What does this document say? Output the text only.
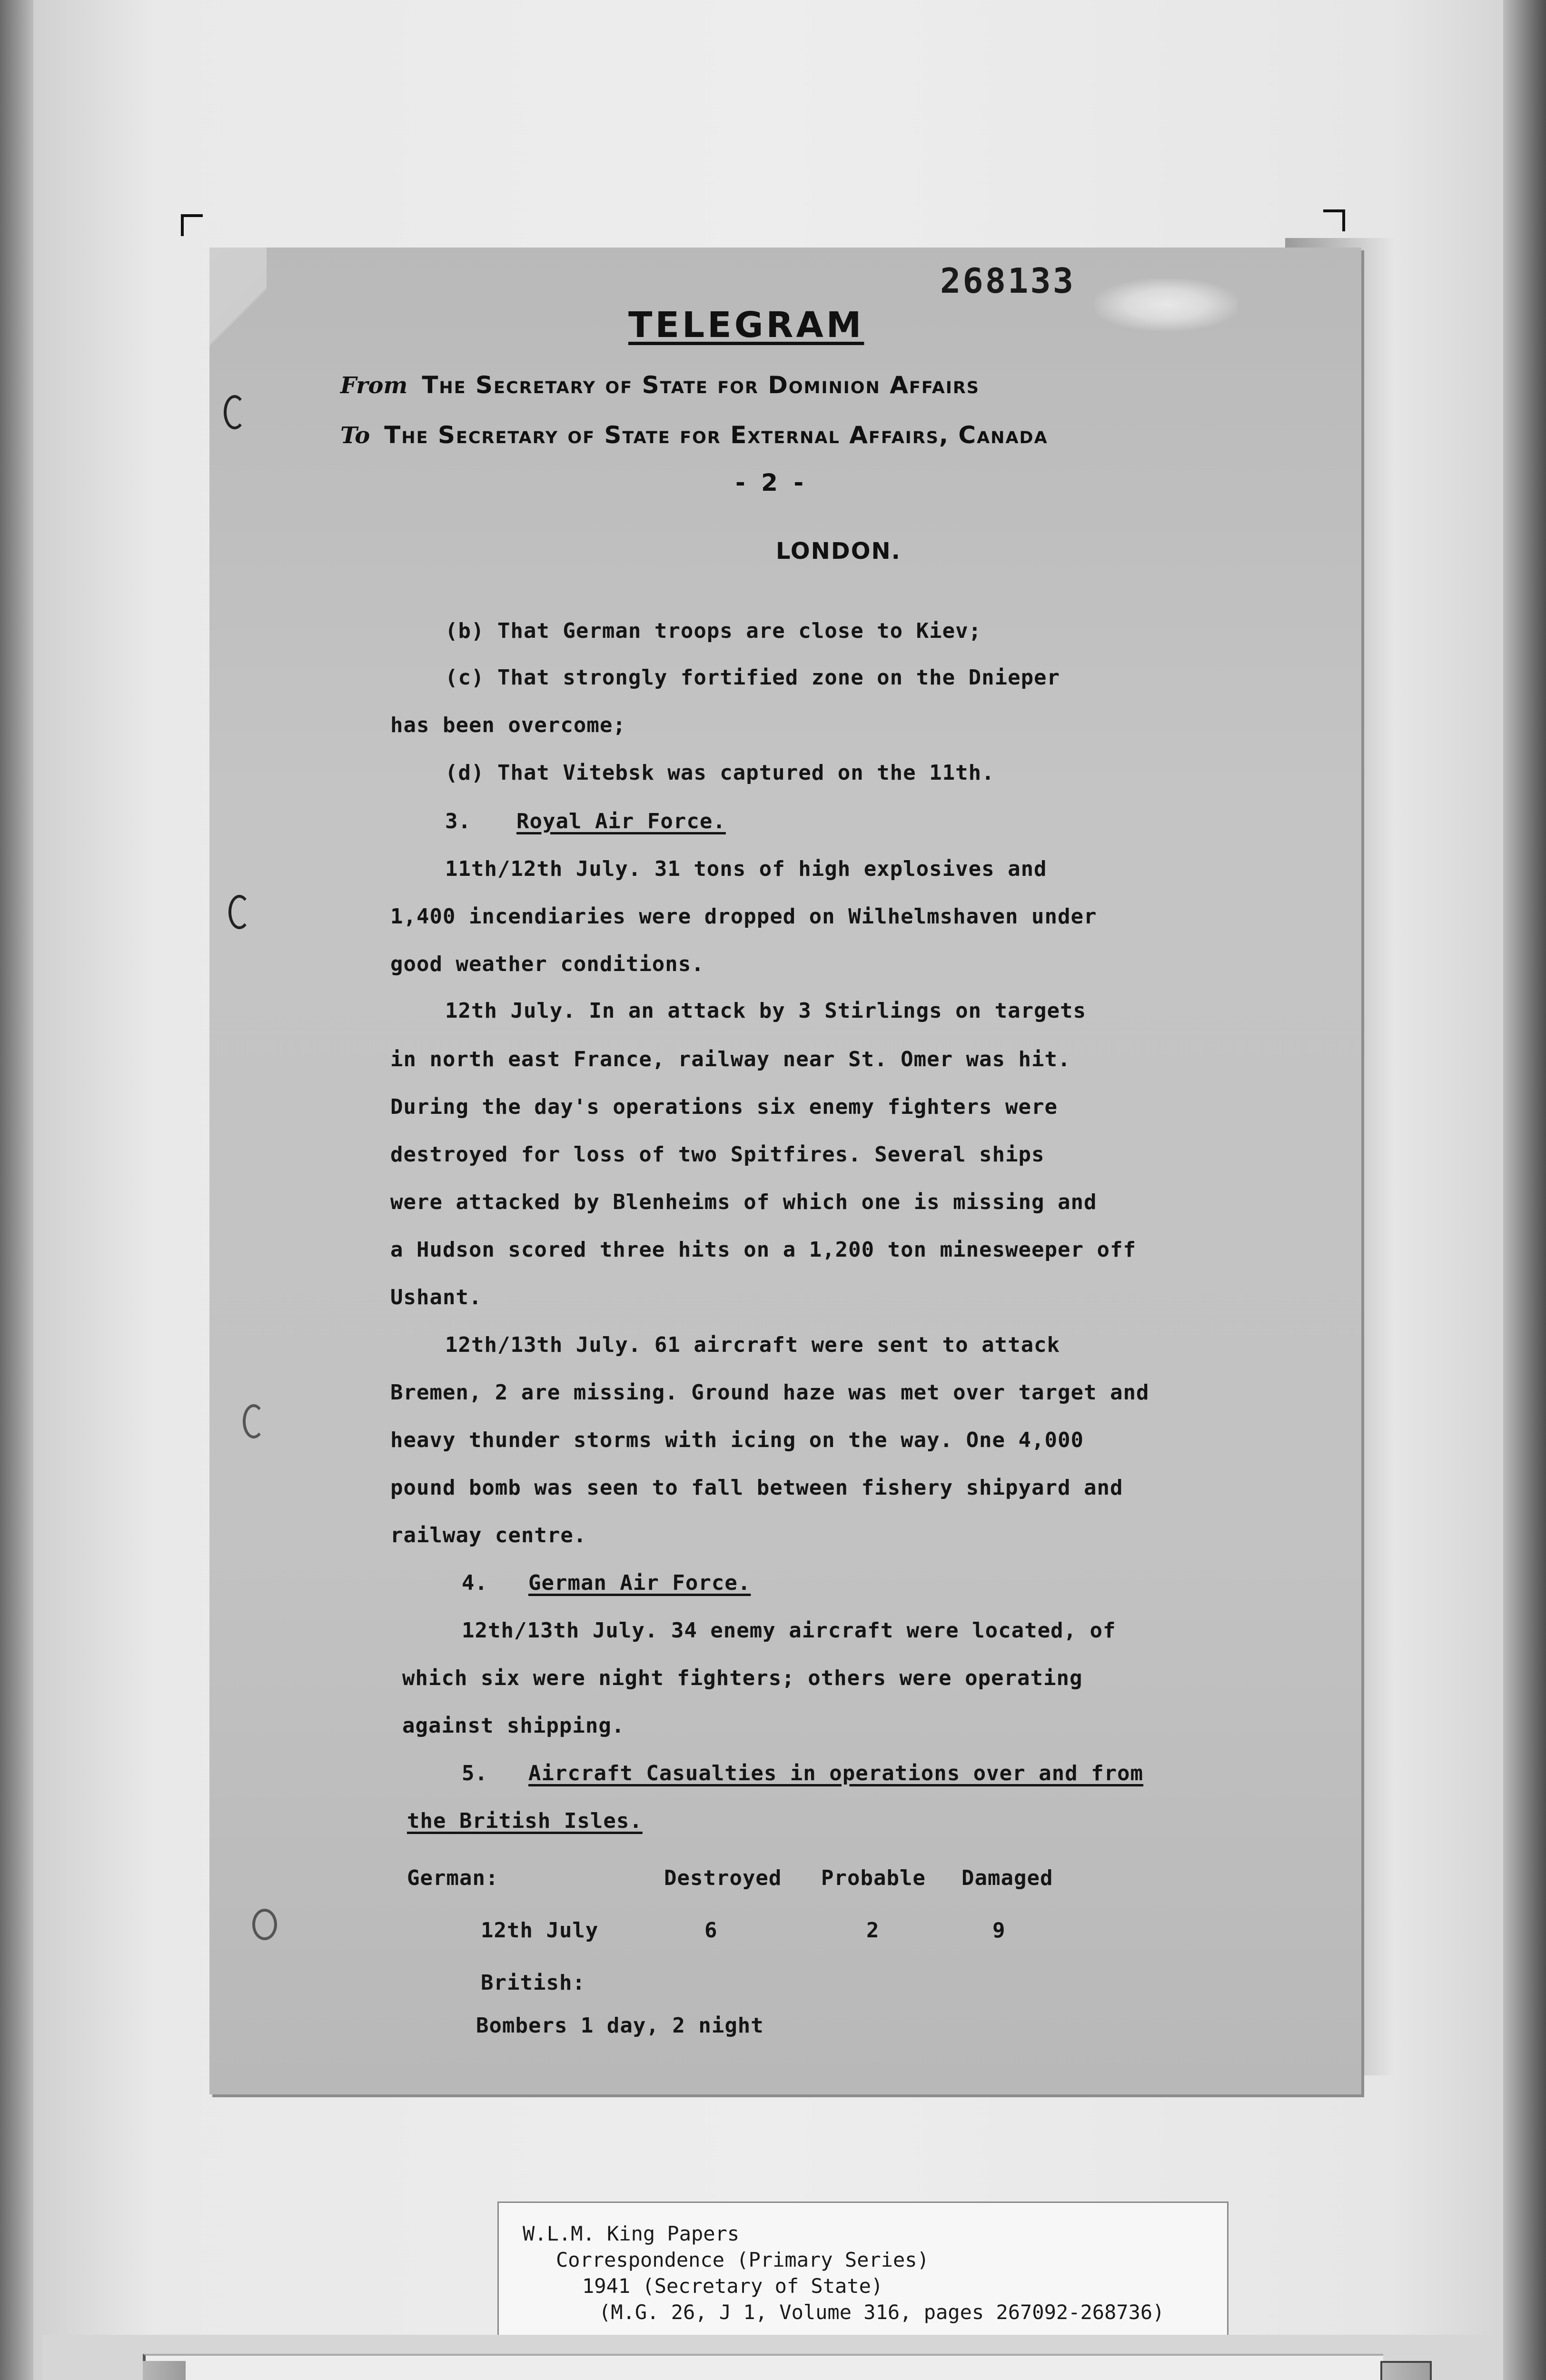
268133
TELEGRAM
From The Secretary of State for Dominion Affairs
To The Secretary of State for External Affairs, Canada
- 2 -
LONDON.
(b) That German troops are close to Kiev;
(c) That strongly fortified zone on the Dnieper
has been overcome;
(d) That Vitebsk was captured on the 11th.
3. Royal Air Force.
11th/12th July. 31 tons of high explosives and
1,400 incendiaries were dropped on Wilhelmshaven under
good weather conditions.
12th July. In an attack by 3 Stirlings on targets
in north east France, railway near St. Omer was hit.
During the day's operations six enemy fighters were
destroyed for loss of two Spitfires. Several ships
were attacked by Blenheims of which one is missing and
a Hudson scored three hits on a 1,200 ton minesweeper off
Ushant.
12th/13th July. 61 aircraft were sent to attack
Bremen, 2 are missing. Ground haze was met over target and
heavy thunder storms with icing on the way. One 4,000
pound bomb was seen to fall between fishery shipyard and
railway centre.
4. German Air Force.
12th/13th July. 34 enemy aircraft were located, of
which six were night fighters; others were operating
against shipping.
5. Aircraft Casualties in operations over and from
the British Isles.
German:	Destroyed Probable Damaged
12th July	6	2	9
British:
Bombers 1 day, 2 night
W.L.M. King Papers
Correspondence (Primary Series)
1941 (Secretary of State)
(M.G. 26, J 1, Volume 316, pages 267092-268736)
